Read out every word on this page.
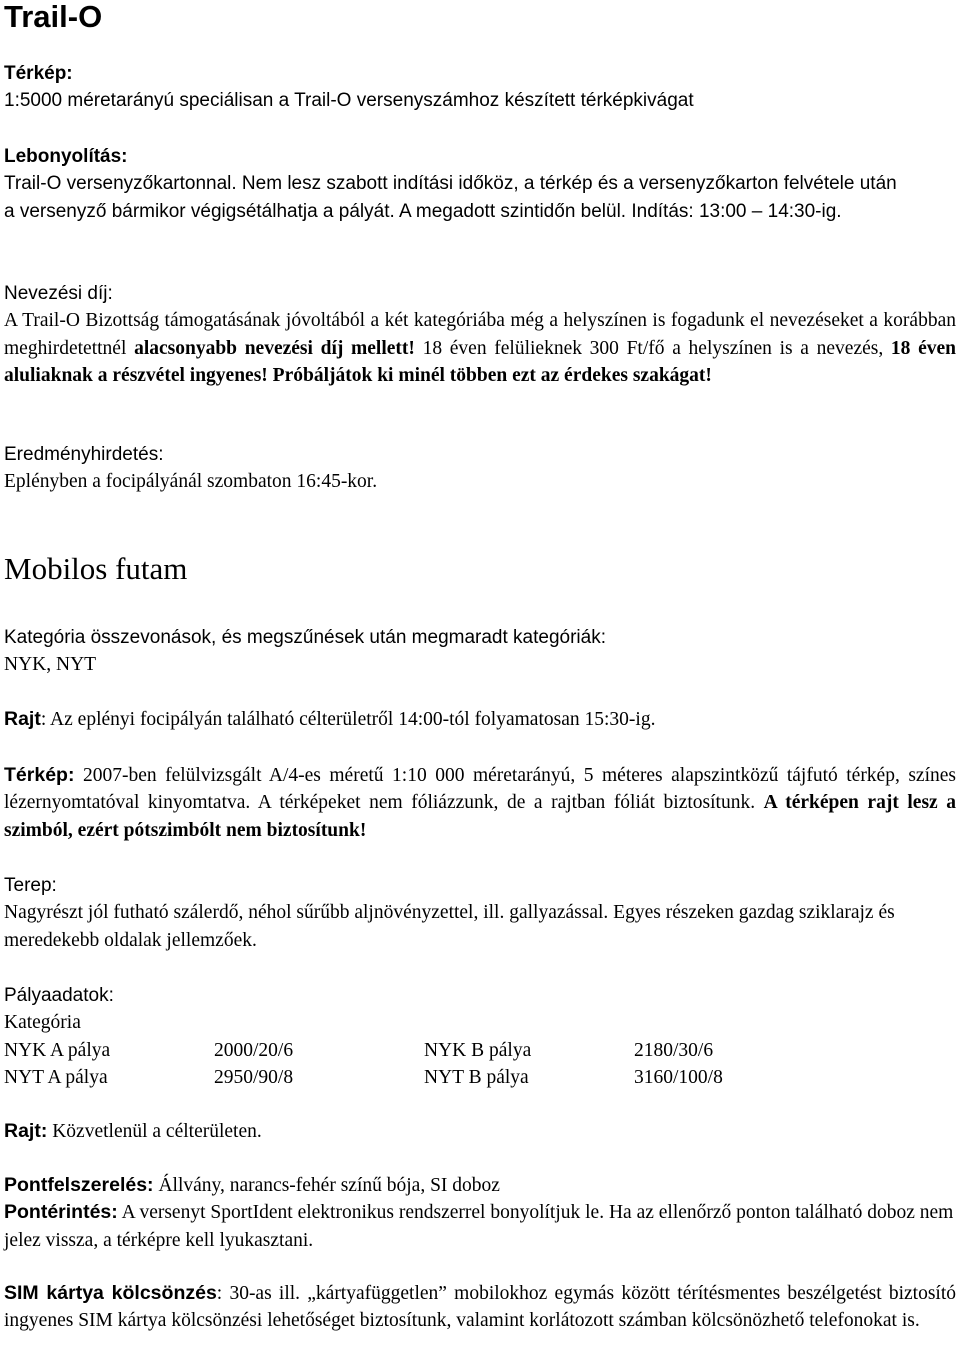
Trail-O

Térkép:

1:5000 méretarányú speciálisan a Trail-O versenyszámhoz készített térképkivágat

Lebonyolítás:

Trail-O versenyzőkartonnal. Nem lesz szabott indítási időköz, a térkép és a versenyzőkarton felvétele után a versenyző bármikor végigsétálhatja a pályát. A megadott szintidőn belül. Indítás: 13:00 – 14:30-ig.

Nevezési díj:

A Trail-O Bizottság támogatásának jóvoltából a két kategóriába még a helyszínen is fogadunk el nevezéseket a korábban meghirdetettnél alacsonyabb nevezési díj mellett! 18 éven felülieknek 300 Ft/fő a helyszínen is a nevezés, 18 éven aluliaknak a részvétel ingyenes! Próbáljátok ki minél többen ezt az érdekes szakágat!

Eredményhirdetés:

Eplényben a focipályánál szombaton 16:45-kor.

Mobilos futam

Kategória összevonások, és megszűnések után megmaradt kategóriák:

NYK, NYT

Rajt: Az eplényi focipályán található célterületről 14:00-tól folyamatosan 15:30-ig.

Térkép: 2007-ben felülvizsgált A/4-es méretű 1:10 000 méretarányú, 5 méteres alapszintközű tájfutó térkép, színes lézernyomtatóval kinyomtatva. A térképeket nem fóliázzunk, de a rajtban fóliát biztosítunk. A térképen rajt lesz a szimból, ezért pótszimbólt nem biztosítunk!

Terep:

Nagyrészt jól futható szálerdő, néhol sűrűbb aljnövényzettel, ill. gallyazással. Egyes részeken gazdag sziklarajz és meredekebb oldalak jellemzőek.

Pályaadatok:

Kategória

NYK A pálya	2000/20/6	NYK B pálya	2180/30/6
NYT A pálya	2950/90/8	NYT B pálya	3160/100/8

Rajt: Közvetlenül a célterületen.

Pontfelszerelés: Állvány, narancs-fehér színű bója, SI doboz

Pontérintés: A versenyt SportIdent elektronikus rendszerrel bonyolítjuk le. Ha az ellenőrző ponton található doboz nem jelez vissza, a térképre kell lyukasztani.

SIM kártya kölcsönzés: 30-as ill. „kártyafüggetlen” mobilokhoz egymás között térítésmentes beszélgetést biztosító ingyenes SIM kártya kölcsönzési lehetőséget biztosítunk, valamint korlátozott számban kölcsönözhető telefonokat is.
